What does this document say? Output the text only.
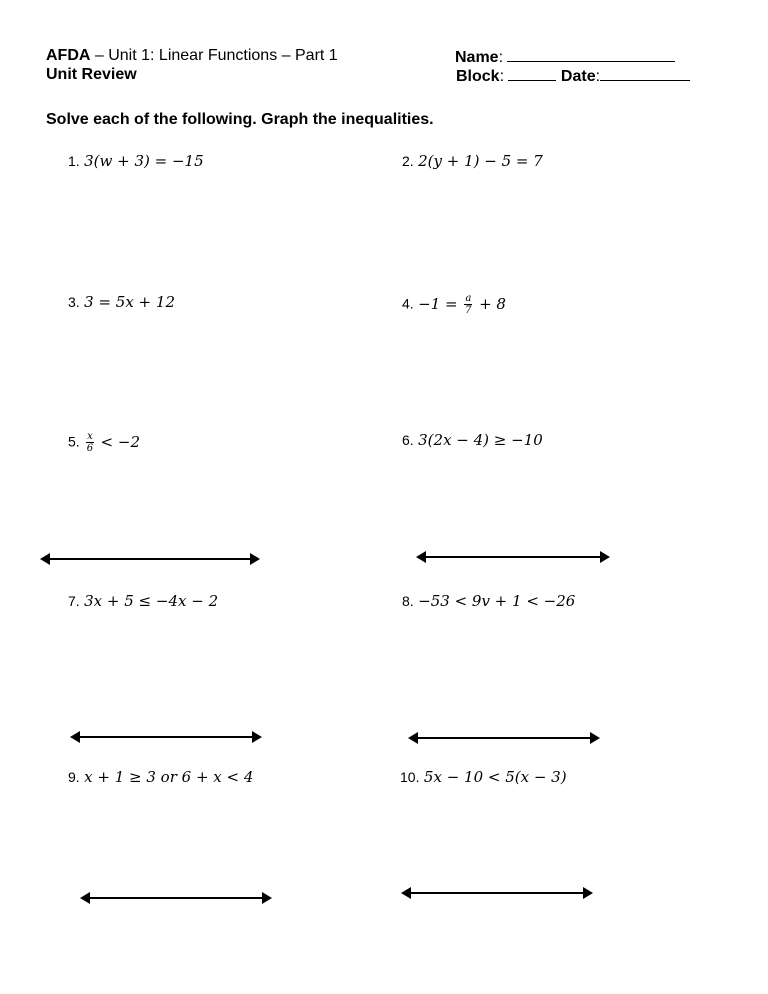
AFDA – Unit 1: Linear Functions – Part 1
Unit Review
Name:
Block:	Date:
Solve each of the following. Graph the inequalities.
1. 3(w + 3) = −15	2. 2(y + 1) − 5 = 7
3. 3 = 5x + 12	4. $-1 = \frac{a}{7} + 8$
5. $\frac{x}{6} < -2$	6. 3(2x − 4) ≥ −10
7. 3x + 5 ≤ −4x − 2	8. −53 < 9v + 1 < −26
9. x + 1 ≥ 3 or 6 + x < 4	10. 5x − 10 < 5(x − 3)
